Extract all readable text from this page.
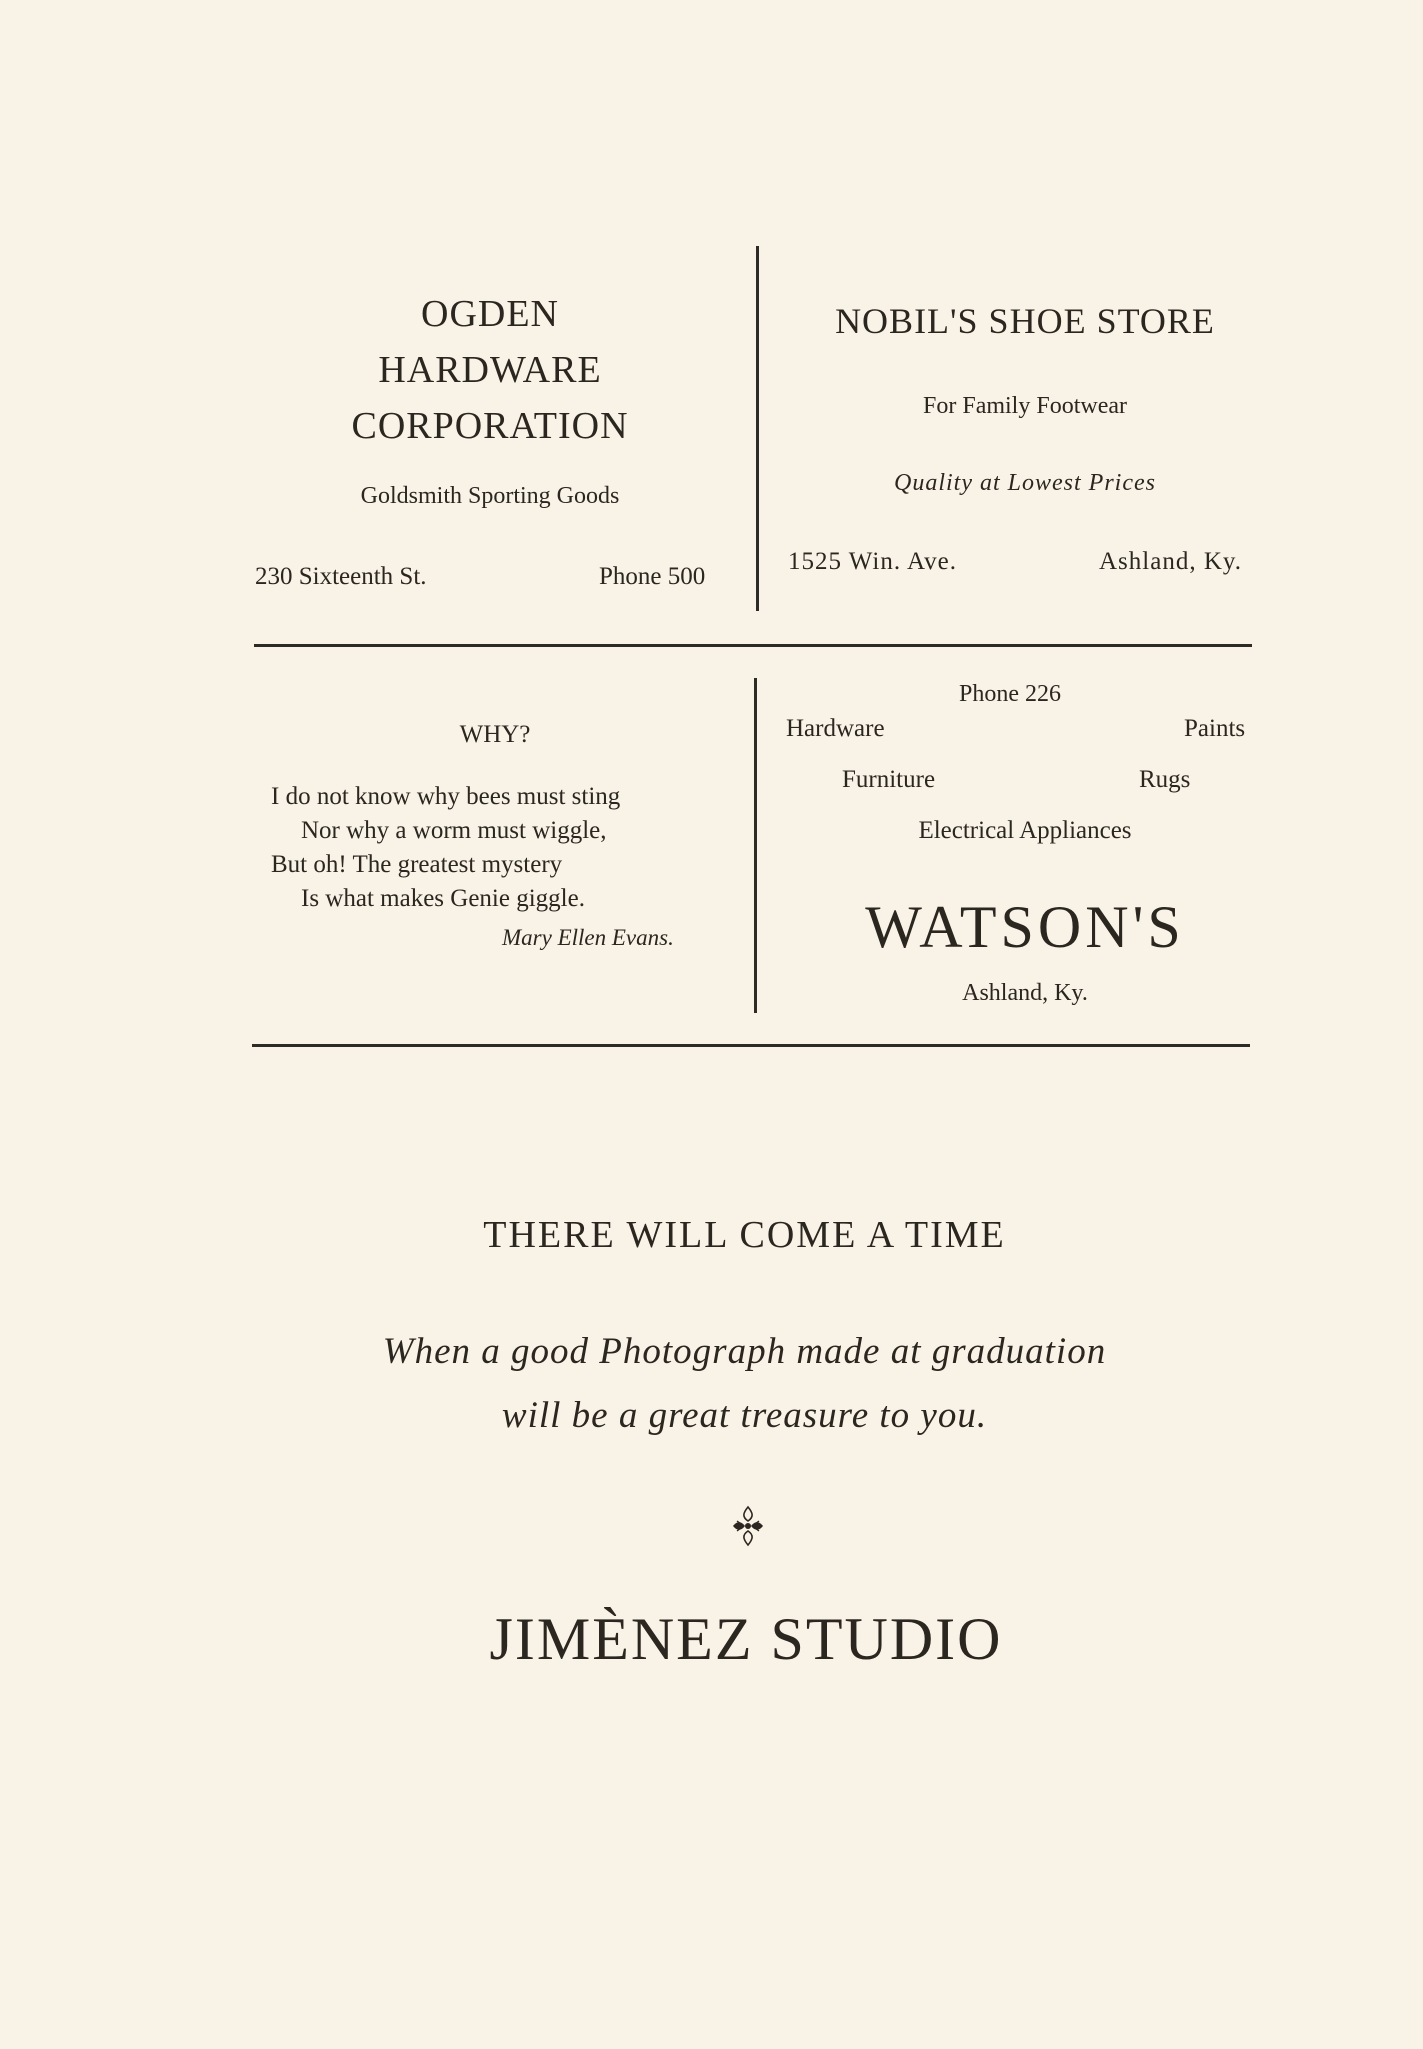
OGDEN
HARDWARE
CORPORATION
Goldsmith Sporting Goods
230 Sixteenth St.	Phone 500
NOBIL'S SHOE STORE
For Family Footwear
Quality at Lowest Prices
1525 Win. Ave.	Ashland, Ky.
WHY?
I do not know why bees must sting
Nor why a worm must wiggle,
But oh! The greatest mystery
Is what makes Genie giggle.
Mary Ellen Evans.
Phone 226
Hardware	Paints
Furniture	Rugs
Electrical Appliances
WATSON'S
Ashland, Ky.
THERE WILL COME A TIME
When a good Photograph made at graduation
will be a great treasure to you.
JIMÈNEZ STUDIO
